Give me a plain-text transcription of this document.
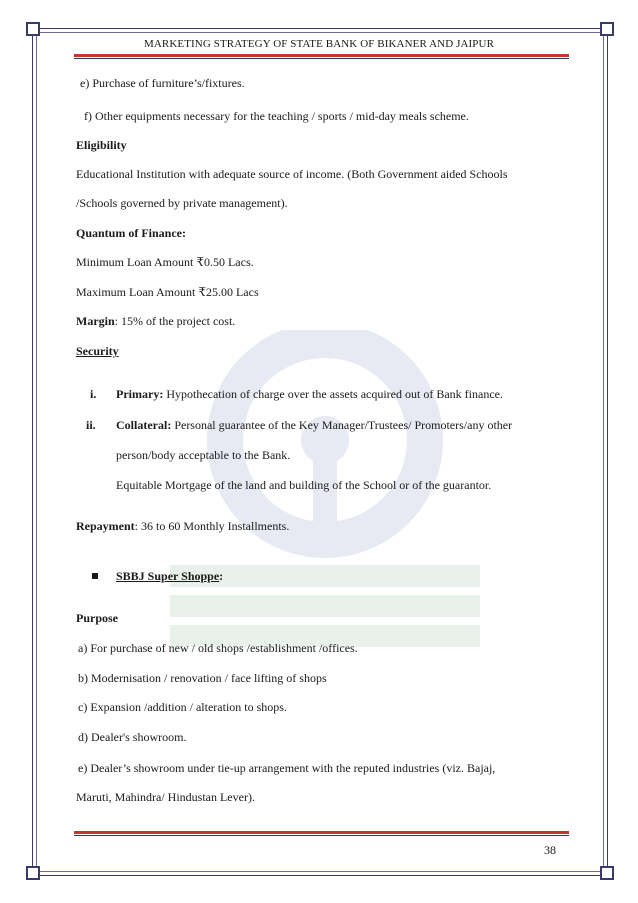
MARKETING STRATEGY OF STATE BANK OF BIKANER AND JAIPUR
e) Purchase of furniture’s/fixtures.
f) Other equipments necessary for the teaching / sports / mid-day meals scheme.
Eligibility
Educational Institution with adequate source of income. (Both Government aided Schools
/Schools governed by private management).
Quantum of Finance:
Minimum Loan Amount ₹0.50 Lacs.
Maximum Loan Amount ₹25.00 Lacs
Margin: 15% of the project cost.
Security
i. Primary: Hypothecation of charge over the assets acquired out of Bank finance.
ii. Collateral: Personal guarantee of the Key Manager/Trustees/ Promoters/any other
person/body acceptable to the Bank.
Equitable Mortgage of the land and building of the School or of the guarantor.
Repayment: 36 to 60 Monthly Installments.
SBBJ Super Shoppe:
Purpose
a) For purchase of new / old shops /establishment /offices.
b) Modernisation / renovation / face lifting of shops
c) Expansion /addition / alteration to shops.
d) Dealer's showroom.
e) Dealer’s showroom under tie-up arrangement with the reputed industries (viz. Bajaj,
Maruti, Mahindra/ Hindustan Lever).
38
